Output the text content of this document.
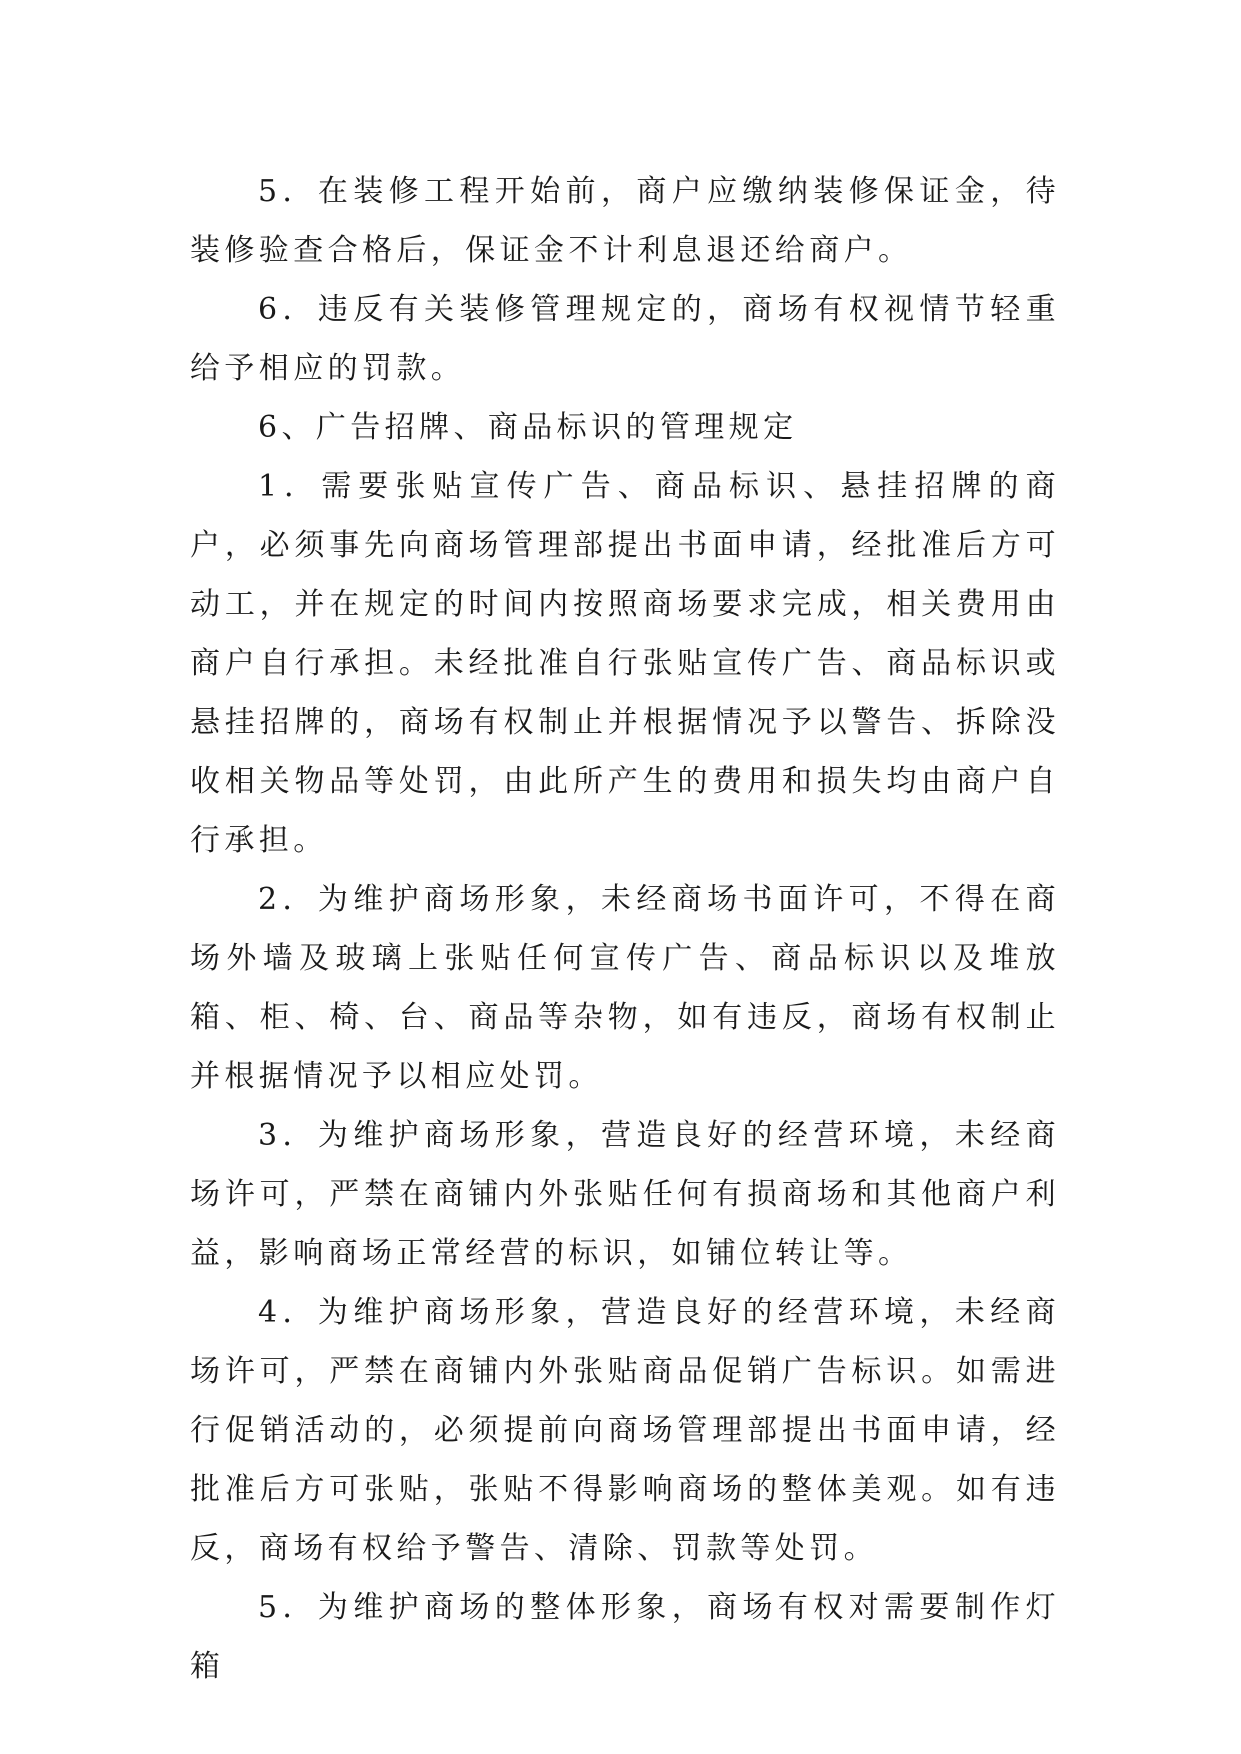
5．在装修工程开始前，商户应缴纳装修保证金，待装修验查合格后，保证金不计利息退还给商户。

6．违反有关装修管理规定的，商场有权视情节轻重给予相应的罚款。

6、广告招牌、商品标识的管理规定

1．需要张贴宣传广告、商品标识、悬挂招牌的商户，必须事先向商场管理部提出书面申请，经批准后方可动工，并在规定的时间内按照商场要求完成，相关费用由商户自行承担。未经批准自行张贴宣传广告、商品标识或悬挂招牌的，商场有权制止并根据情况予以警告、拆除没收相关物品等处罚，由此所产生的费用和损失均由商户自行承担。

2．为维护商场形象，未经商场书面许可，不得在商场外墙及玻璃上张贴任何宣传广告、商品标识以及堆放箱、柜、椅、台、商品等杂物，如有违反，商场有权制止并根据情况予以相应处罚。

3．为维护商场形象，营造良好的经营环境，未经商场许可，严禁在商铺内外张贴任何有损商场和其他商户利益，影响商场正常经营的标识，如铺位转让等。

4．为维护商场形象，营造良好的经营环境，未经商场许可，严禁在商铺内外张贴商品促销广告标识。如需进行促销活动的，必须提前向商场管理部提出书面申请，经批准后方可张贴，张贴不得影响商场的整体美观。如有违反，商场有权给予警告、清除、罚款等处罚。

5．为维护商场的整体形象，商场有权对需要制作灯箱
